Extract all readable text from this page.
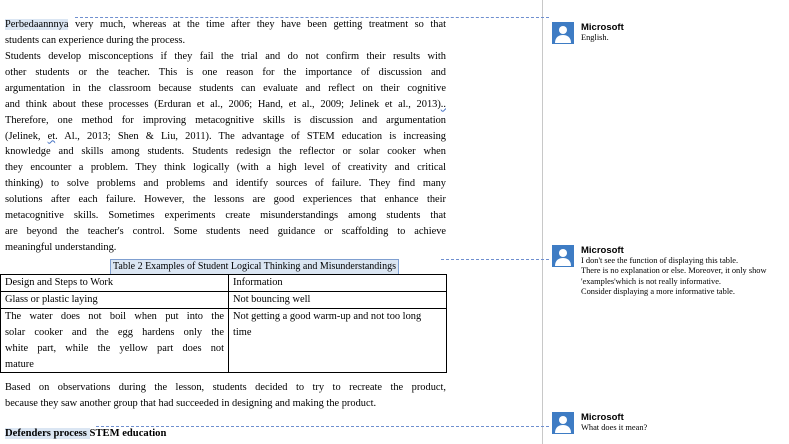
Perbedaannnya very much, whereas at the time after they have been getting treatment so that
students can experience during the process.

Students develop misconceptions if they fail the trial and do not confirm their results with
other students or the teacher. This is one reason for the importance of discussion and
argumentation in the classroom because students can evaluate and reflect on their cognitive
and think about these processes (Erduran et al., 2006; Hand, et al., 2009; Jelinek et al., 2013)..
Therefore, one method for improving metacognitive skills is discussion and argumentation
(Jelinek, et. Al., 2013; Shen & Liu, 2011). The advantage of STEM education is increasing
knowledge and skills among students. Students redesign the reflector or solar cooker when
they encounter a problem. They think logically (with a high level of creativity and critical
thinking) to solve problems and problems and identify sources of failure. They find many
solutions after each failure. However, the lessons are good experiences that enhance their
metacognitive skills. Sometimes experiments create misunderstandings among students that
are beyond the teacher's control. Some students need guidance or scaffolding to achieve
meaningful understanding.

Table 2 Examples of Student Logical Thinking and Misunderstandings
Design and Steps to Work	Information
Glass or plastic laying	Not bouncing well

The water does not boil when put into the
solar cooker and the egg hardens only the
white part, while the yellow part does not
mature	Not getting a good warm-up and not too long time

Based on observations during the lesson, students decided to try to recreate the product,
because they saw another group that had succeeded in designing and making the product.

Defenders process STEM education
Microsoft
English.
Microsoft
I don't see the function of displaying this table.
There is no explanation or else. Moreover, it only show
'examples'which is not really informative.
Consider displaying a more informative table.
Microsoft
What does it mean?
